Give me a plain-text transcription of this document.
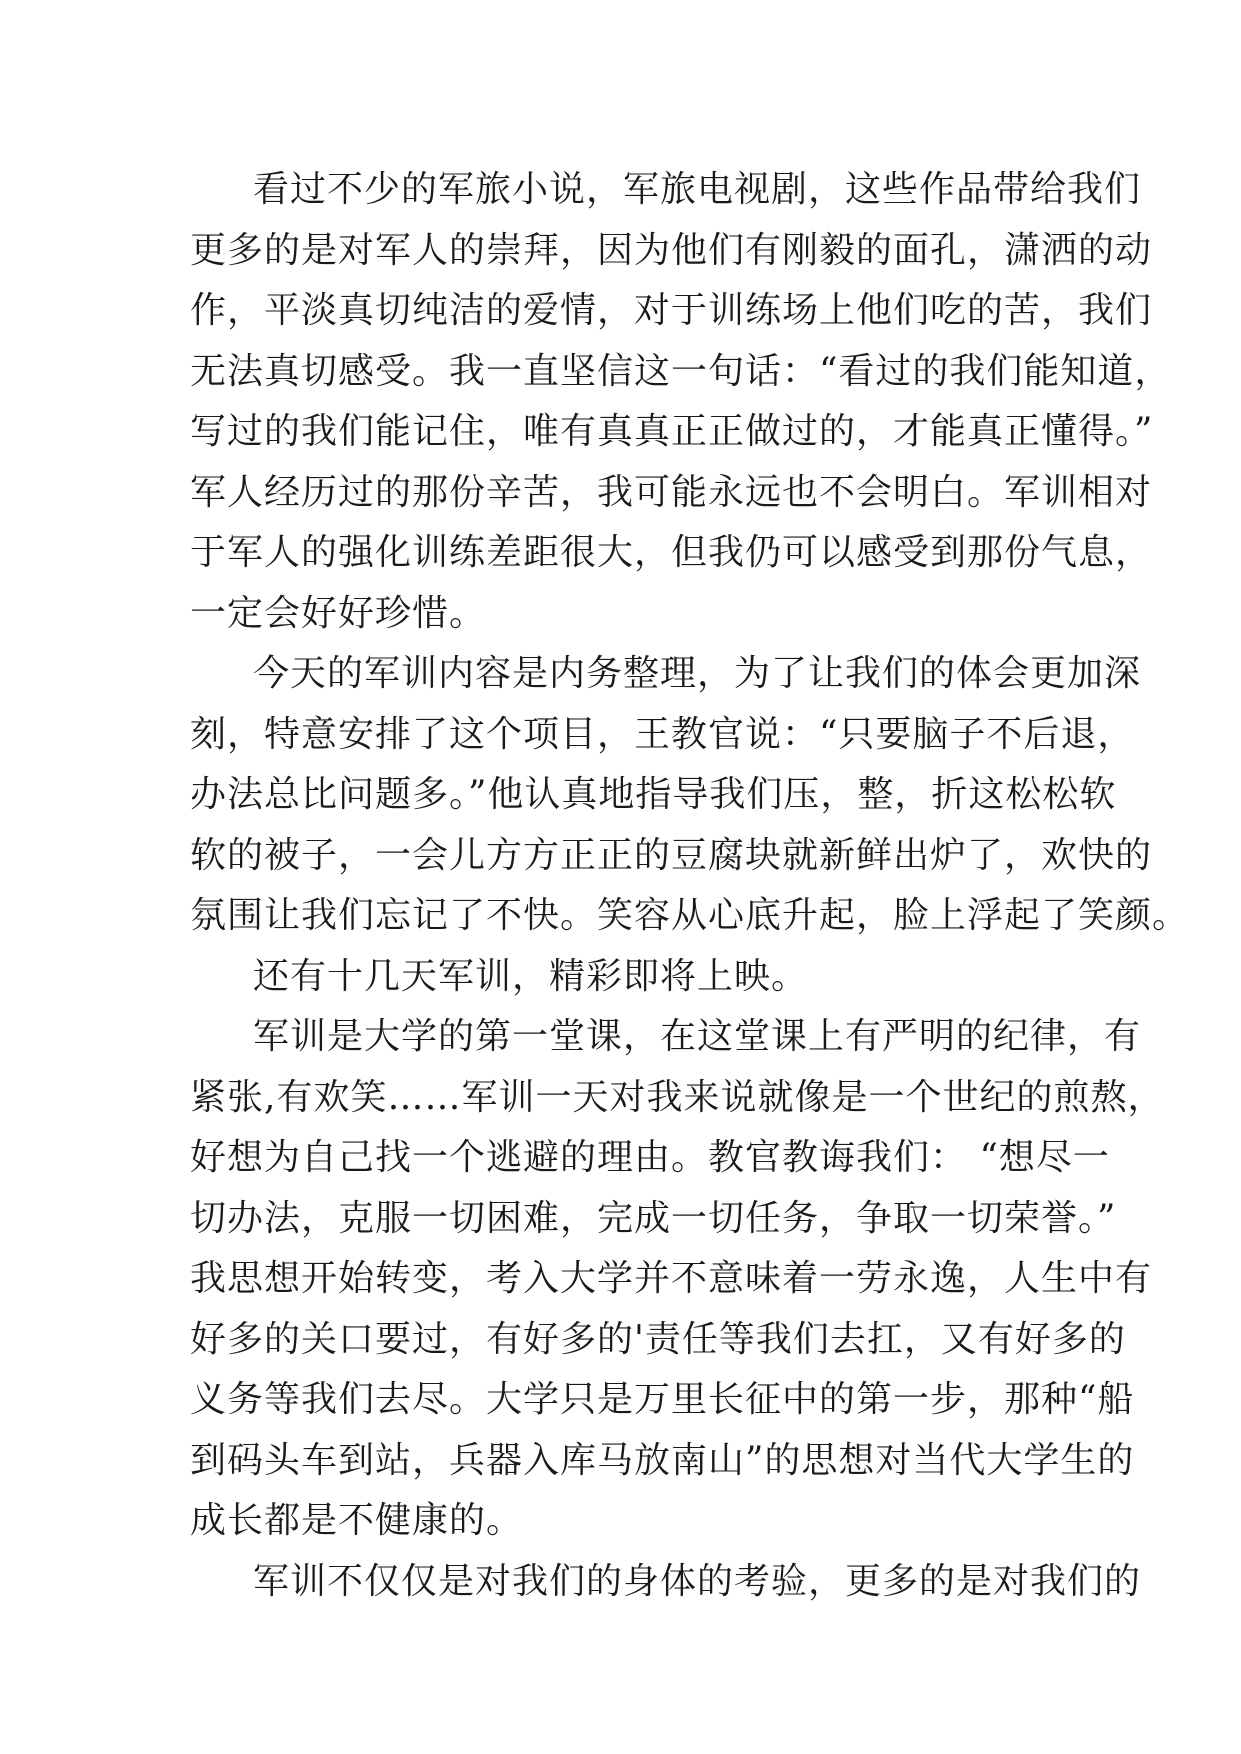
看过不少的军旅小说，军旅电视剧，这些作品带给我们
更多的是对军人的崇拜，因为他们有刚毅的面孔，潇洒的动
作，平淡真切纯洁的爱情，对于训练场上他们吃的苦，我们
无法真切感受。我一直坚信这一句话：“看过的我们能知道，
写过的我们能记住，唯有真真正正做过的，才能真正懂得。”
军人经历过的那份辛苦，我可能永远也不会明白。军训相对
于军人的强化训练差距很大，但我仍可以感受到那份气息，
一定会好好珍惜。
今天的军训内容是内务整理，为了让我们的体会更加深
刻，特意安排了这个项目，王教官说：“只要脑子不后退，
办法总比问题多。”他认真地指导我们压，整，折这松松软
软的被子，一会儿方方正正的豆腐块就新鲜出炉了，欢快的
氛围让我们忘记了不快。笑容从心底升起，脸上浮起了笑颜。
还有十几天军训，精彩即将上映。
军训是大学的第一堂课，在这堂课上有严明的纪律，有
紧张,有欢笑……军训一天对我来说就像是一个世纪的煎熬，
好想为自己找一个逃避的理由。教官教诲我们： “想尽一
切办法，克服一切困难，完成一切任务，争取一切荣誉。”
我思想开始转变，考入大学并不意味着一劳永逸，人生中有
好多的关口要过，有好多的'责任等我们去扛，又有好多的
义务等我们去尽。大学只是万里长征中的第一步，那种“船
到码头车到站，兵器入库马放南山”的思想对当代大学生的
成长都是不健康的。
军训不仅仅是对我们的身体的考验，更多的是对我们的
